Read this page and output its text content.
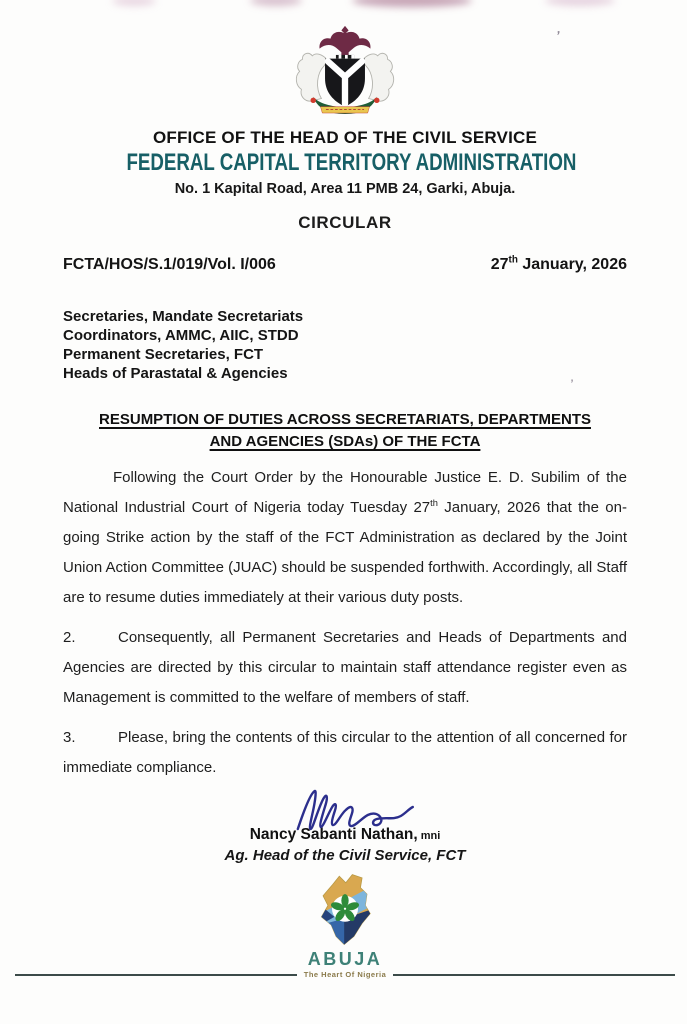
’
’
OFFICE OF THE HEAD OF THE CIVIL SERVICE
FEDERAL CAPITAL TERRITORY ADMINISTRATION
No. 1 Kapital Road, Area 11 PMB 24, Garki, Abuja.
CIRCULAR
FCTA/HOS/S.1/019/Vol. I/006	27th January, 2026
Secretaries, Mandate Secretariats
Coordinators, AMMC, AIIC, STDD
Permanent Secretaries, FCT
Heads of Parastatal & Agencies
RESUMPTION OF DUTIES ACROSS SECRETARIATS, DEPARTMENTS
AND AGENCIES (SDAs) OF THE FCTA

Following the Court Order by the Honourable Justice E. D. Subilim of the National Industrial Court of Nigeria today Tuesday 27th January, 2026 that the on-going Strike action by the staff of the FCT Administration as declared by the Joint Union Action Committee (JUAC) should be suspended forthwith. Accordingly, all Staff are to resume duties immediately at their various duty posts.

2.	Consequently, all Permanent Secretaries and Heads of Departments and Agencies are directed by this circular to maintain staff attendance register even as Management is committed to the welfare of members of staff.

3.	Please, bring the contents of this circular to the attention of all concerned for immediate compliance.

Nancy Sabanti Nathan, mni
Ag. Head of the Civil Service, FCT
ABUJA
The Heart Of Nigeria
